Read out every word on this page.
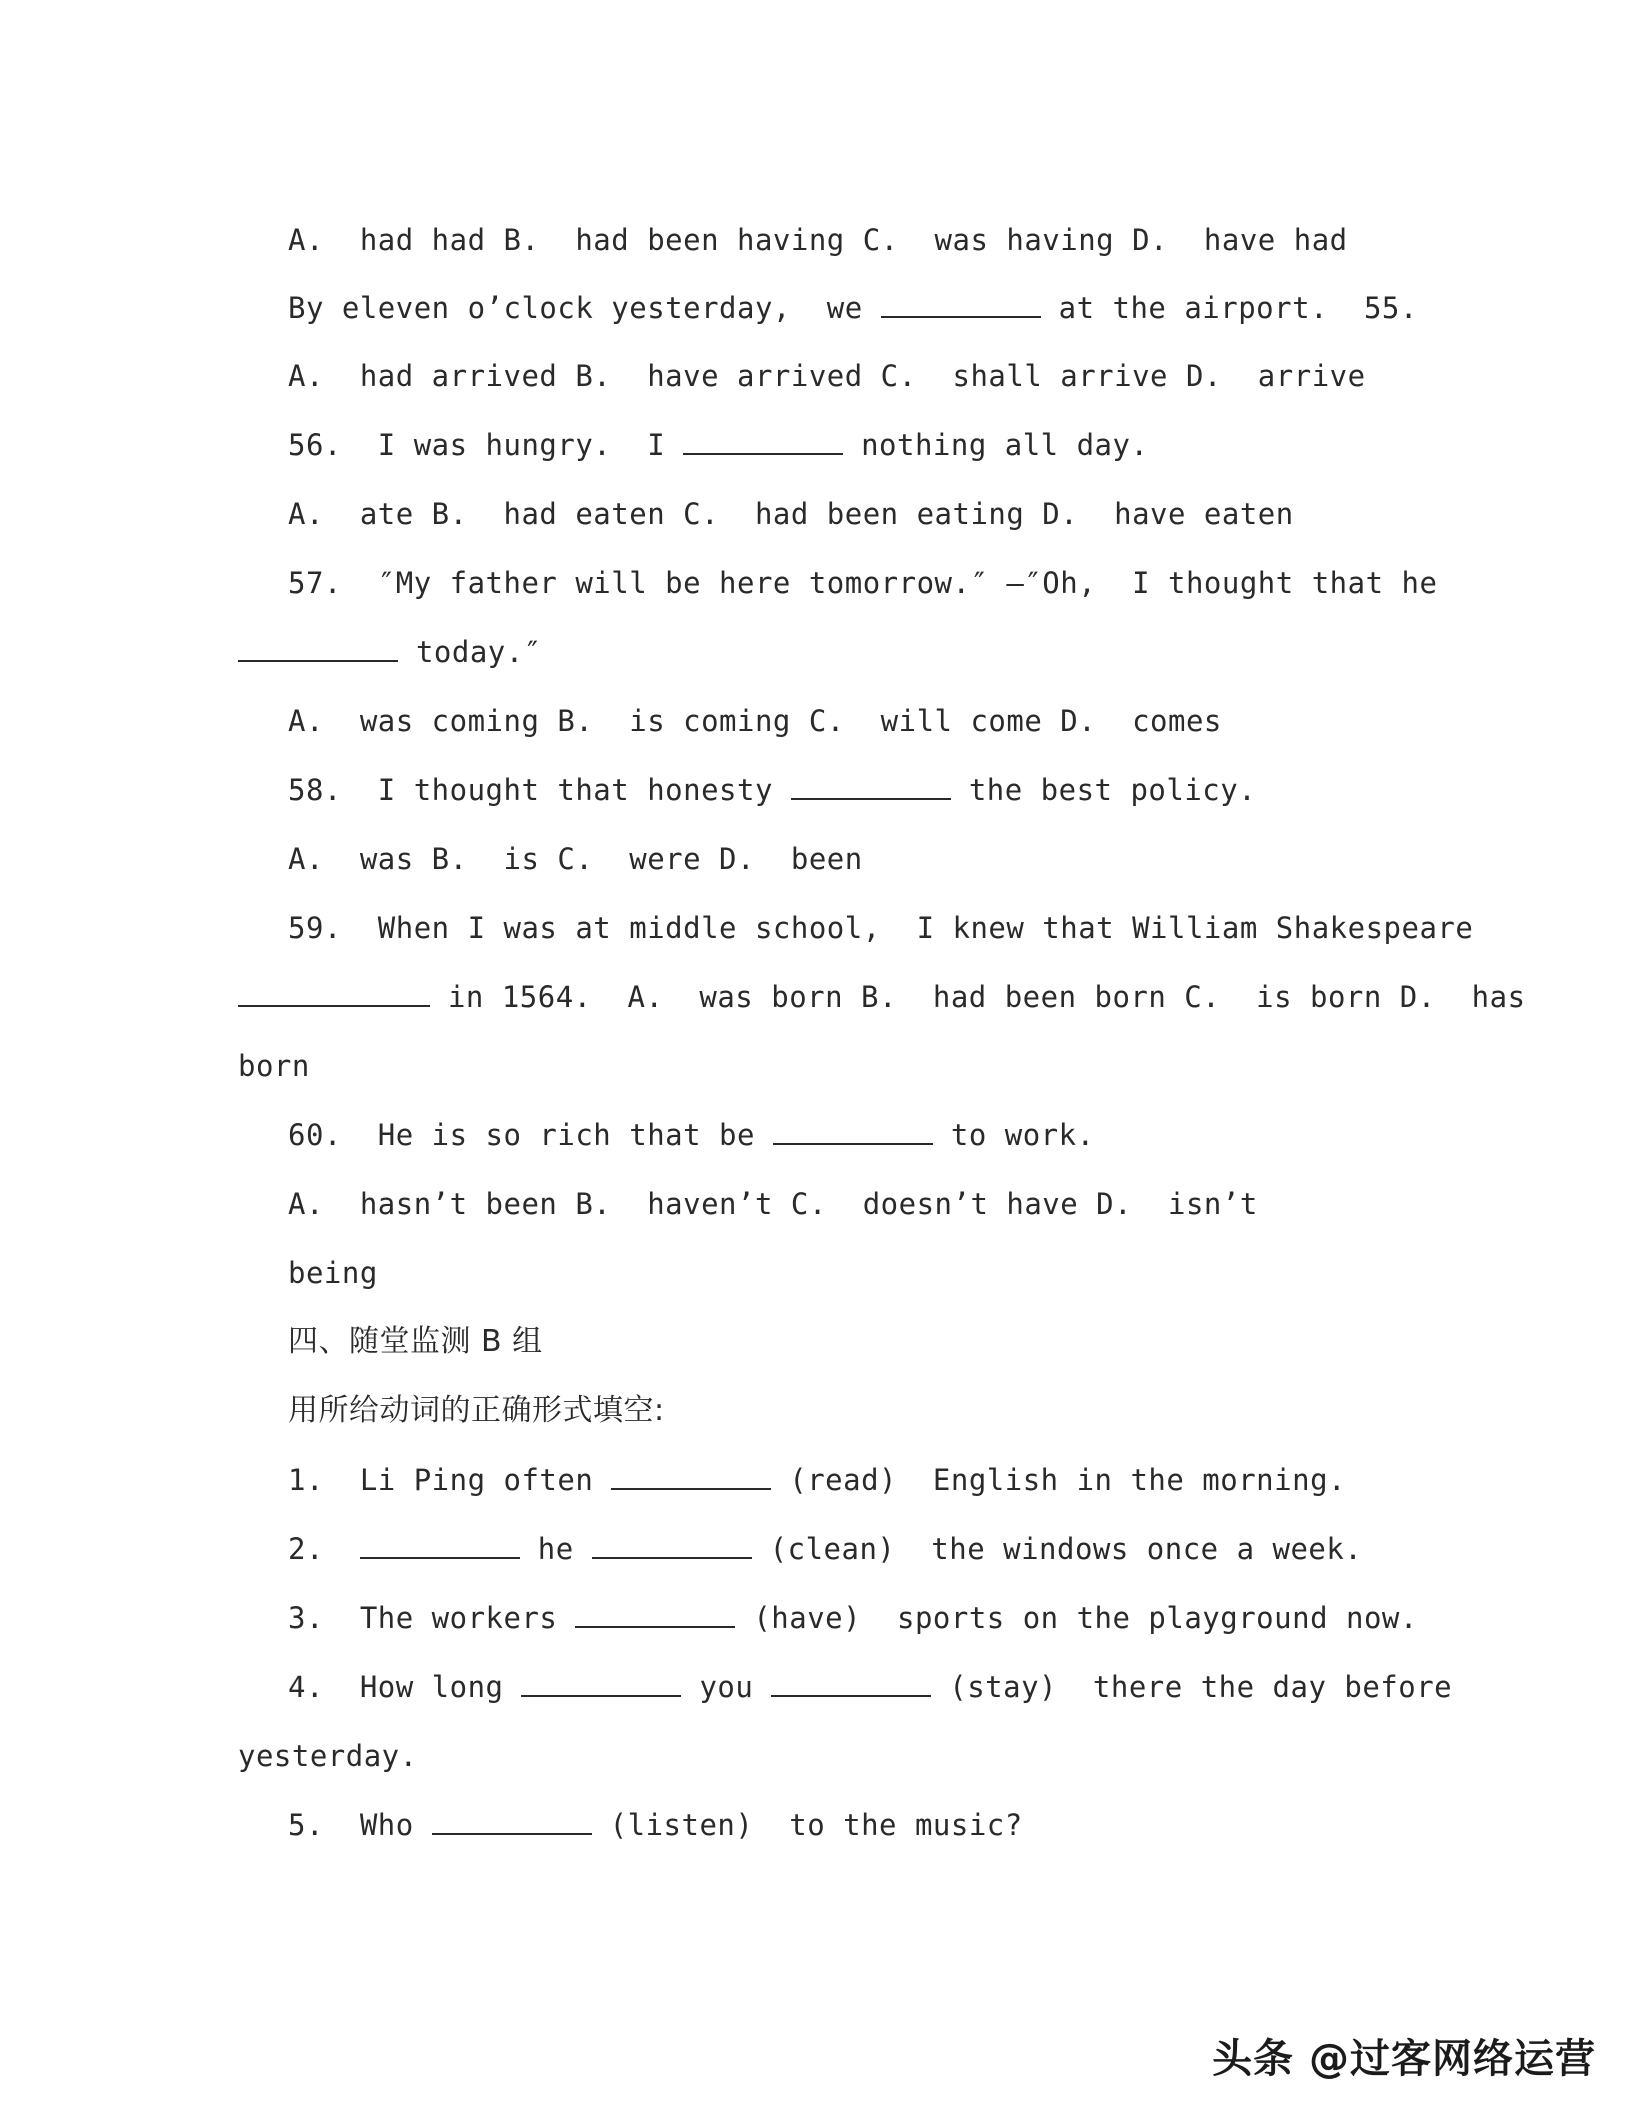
A.  had had B.  had been having C.  was having D.  have had
By eleven o’clock yesterday,  we	at the airport.  55.
A.  had arrived B.  have arrived C.  shall arrive D.  arrive
56.  I was hungry.  I	nothing all day.
A.  ate B.  had eaten C.  had been eating D.  have eaten
57.  ″My father will be here tomorrow.″ —″Oh,  I thought that he
today.″
A.  was coming B.  is coming C.  will come D.  comes
58.  I thought that honesty	the best policy.
A.  was B.  is C.  were D.  been
59.  When I was at middle school,  I knew that William Shakespeare
in 1564.  A.  was born B.  had been born C.  is born D.  has
born
60.  He is so rich that be	to work.
A.  hasn’t been B.  haven’t C.  doesn’t have D.  isn’t
being
四、随堂监测 B 组
用所给动词的正确形式填空:
1.  Li Ping often	(read)  English in the morning.
2.	he	(clean)  the windows once a week.
3.  The workers	(have)  sports on the playground now.
4.  How long	you	(stay)  there the day before
yesterday.
5.  Who	(listen)  to the music?
头条 @过客网络运营
